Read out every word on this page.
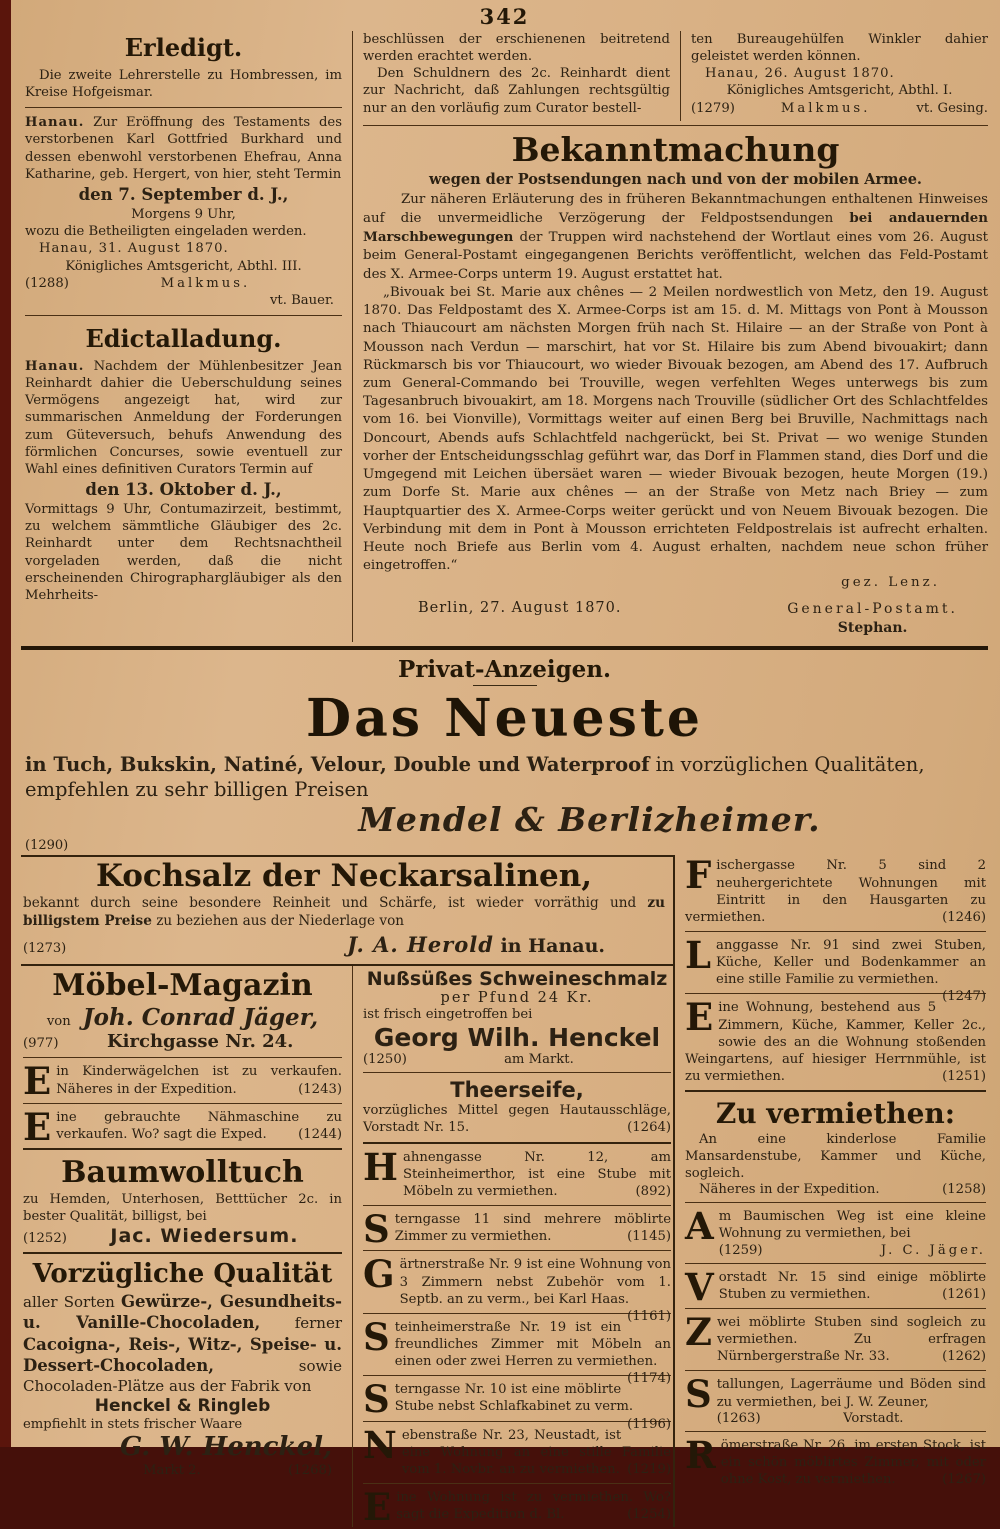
342
Erledigt.

Die zweite Lehrerstelle zu Hombressen, im Kreise Hofgeismar.

Hanau. Zur Eröffnung des Testaments des verstorbenen Karl Gottfried Burkhard und dessen ebenwohl verstorbenen Ehefrau, Anna Katharine, geb. Hergert, von hier, steht Termin

den 7. September d. J.,

Morgens 9 Uhr,

wozu die Betheiligten eingeladen werden.

Hanau, 31. August 1870.

Königliches Amtsgericht, Abthl. III.

(1288)	Malkmus.

vt. Bauer.

Edictalladung.

Hanau. Nachdem der Mühlenbesitzer Jean Reinhardt dahier die Ueberschuldung seines Vermögens angezeigt hat, wird zur summarischen Anmeldung der Forderungen zum Güteversuch, behufs Anwendung des förmlichen Concurses, sowie eventuell zur Wahl eines definitiven Curators Termin auf

den 13. Oktober d. J.,

Vormittags 9 Uhr, Contumazirzeit, bestimmt, zu welchem sämmtliche Gläubiger des 2c. Reinhardt unter dem Rechtsnachtheil vorgeladen werden, daß die nicht erscheinenden Chirographargläubiger als den Mehrheits-

beschlüssen der erschienenen beitretend werden erachtet werden.

Den Schuldnern des 2c. Reinhardt dient zur Nachricht, daß Zahlungen rechtsgültig nur an den vorläufig zum Curator bestell-

ten Bureaugehülfen Winkler dahier geleistet werden können.

Hanau, 26. August 1870.

Königliches Amtsgericht, Abthl. I.

(1279)	Malkmus.	vt. Gesing.
Bekanntmachung

wegen der Postsendungen nach und von der mobilen Armee.

Zur näheren Erläuterung des in früheren Bekanntmachungen enthaltenen Hinweises auf die unvermeidliche Verzögerung der Feldpostsendungen bei andauernden Marschbewegungen der Truppen wird nachstehend der Wortlaut eines vom 26. August beim General-Postamt eingegangenen Berichts veröffentlicht, welchen das Feld-Postamt des X. Armee-Corps unterm 19. August erstattet hat.

„Bivouak bei St. Marie aux chênes — 2 Meilen nordwestlich von Metz, den 19. August 1870. Das Feldpostamt des X. Armee-Corps ist am 15. d. M. Mittags von Pont à Mousson nach Thiaucourt am nächsten Morgen früh nach St. Hilaire — an der Straße von Pont à Mousson nach Verdun — marschirt, hat vor St. Hilaire bis zum Abend bivouakirt; dann Rückmarsch bis vor Thiaucourt, wo wieder Bivouak bezogen, am Abend des 17. Aufbruch zum General-Commando bei Trouville, wegen verfehlten Weges unterwegs bis zum Tagesanbruch bivouakirt, am 18. Morgens nach Trouville (südlicher Ort des Schlachtfeldes vom 16. bei Vionville), Vormittags weiter auf einen Berg bei Bruville, Nachmittags nach Doncourt, Abends aufs Schlachtfeld nachgerückt, bei St. Privat — wo wenige Stunden vorher der Entscheidungsschlag geführt war, das Dorf in Flammen stand, dies Dorf und die Umgegend mit Leichen übersäet waren — wieder Bivouak bezogen, heute Morgen (19.) zum Dorfe St. Marie aux chênes — an der Straße von Metz nach Briey — zum Hauptquartier des X. Armee-Corps weiter gerückt und von Neuem Bivouak bezogen. Die Verbindung mit dem in Pont à Mousson errichteten Feldpostrelais ist aufrecht erhalten. Heute noch Briefe aus Berlin vom 4. August erhalten, nachdem neue schon früher eingetroffen.“

gez. Lenz.

Berlin, 27. August 1870.	General-Postamt.
Stephan.
Privat-Anzeigen.
Das Neueste

in Tuch, Bukskin, Natiné, Velour, Double und Waterproof in vorzüglichen Qualitäten, empfehlen zu sehr billigen Preisen

Mendel & Berlizheimer.

(1290)

Kochsalz der Neckarsalinen,

bekannt durch seine besondere Reinheit und Schärfe, ist wieder vorräthig und zu billigstem Preise zu beziehen aus der Niederlage von

(1273)	J. A. Herold in Hanau.
Möbel-Magazin
von Joh. Conrad Jäger,
(977)	Kirchgasse Nr. 24.

Ein Kinderwägelchen ist zu verkaufen. Näheres in der Expedition.	(1243)

Eine gebrauchte Nähmaschine zu verkaufen. Wo? sagt die Exped. (1244)

Baumwolltuch

zu Hemden, Unterhosen, Betttücher 2c. in bester Qualität, billigst, bei

(1252) Jac. Wiedersum.
Vorzügliche Qualität

aller Sorten Gewürze-, Gesundheits- u. Vanille-Chocoladen, ferner Cacoigna-, Reis-, Witz-, Speise- u. Dessert-Chocoladen, sowie Chocoladen-Plätze aus der Fabrik von

Henckel & Ringleb

empfiehlt in stets frischer Waare

G. W. Henckel,

Markt 2.	(1268)

Nußsüßes Schweineschmalz

per Pfund 24 Kr.

ist frisch eingetroffen bei

Georg Wilh. Henckel

(1250)	am Markt.

Theerseife,

vorzügliches Mittel gegen Hautausschläge, Vorstadt Nr. 15.	(1264)

Hahnengasse Nr. 12, am Steinheimerthor, ist eine Stube mit Möbeln zu vermiethen.	(892)

Sterngasse 11 sind mehrere möblirte Zimmer zu vermiethen.	(1145)

Gärtnerstraße Nr. 9 ist eine Wohnung von 3 Zimmern nebst Zubehör vom 1. Septb. an zu verm., bei Karl Haas.
(1161)

Steinheimerstraße Nr. 19 ist ein freundliches Zimmer mit Möbeln an einen oder zwei Herren zu vermiethen.
(1174)

Sterngasse Nr. 10 ist eine möblirte Stube nebst Schlafkabinet zu verm.
(1196)

Nebenstraße Nr. 23, Neustadt, ist eine Wohnung an eine stille Familie vom 1. Novbr. an zu vermiethen. (1219)

Eine Wohnung ist zu vermiethen. Wo? sagt die Expedition d. Bl.	(1254)

Fischergasse Nr. 5 sind 2 neuhergerichtete Wohnungen mit Eintritt in den Hausgarten zu vermiethen.	(1246)

Langgasse Nr. 91 sind zwei Stuben, Küche, Keller und Bodenkammer an eine stille Familie zu vermiethen.
(1247)

Eine Wohnung, bestehend aus 5 Zimmern, Küche, Kammer, Keller 2c., sowie des an die Wohnung stoßenden Weingartens, auf hiesiger Herrnmühle, ist zu vermiethen.	(1251)

Zu vermiethen:

An eine kinderlose Familie Mansardenstube, Kammer und Küche, sogleich.

Näheres in der Expedition.	(1258)

Am Baumischen Weg ist eine kleine Wohnung zu vermiethen, bei

(1259)	J. C. Jäger.

Vorstadt Nr. 15 sind einige möblirte Stuben zu vermiethen.	(1261)

Zwei möblirte Stuben sind sogleich zu vermiethen. Zu erfragen Nürnbergerstraße Nr. 33.	(1262)

Stallungen, Lagerräume und Böden sind zu vermiethen, bei J. W. Zeuner,

(1263)	Vorstadt.

Römerstraße Nr. 26, im ersten Stock, ist ein schön möblirtes Zimmer, mit oder ohne Kost, zu vermiethen.	(1267)
